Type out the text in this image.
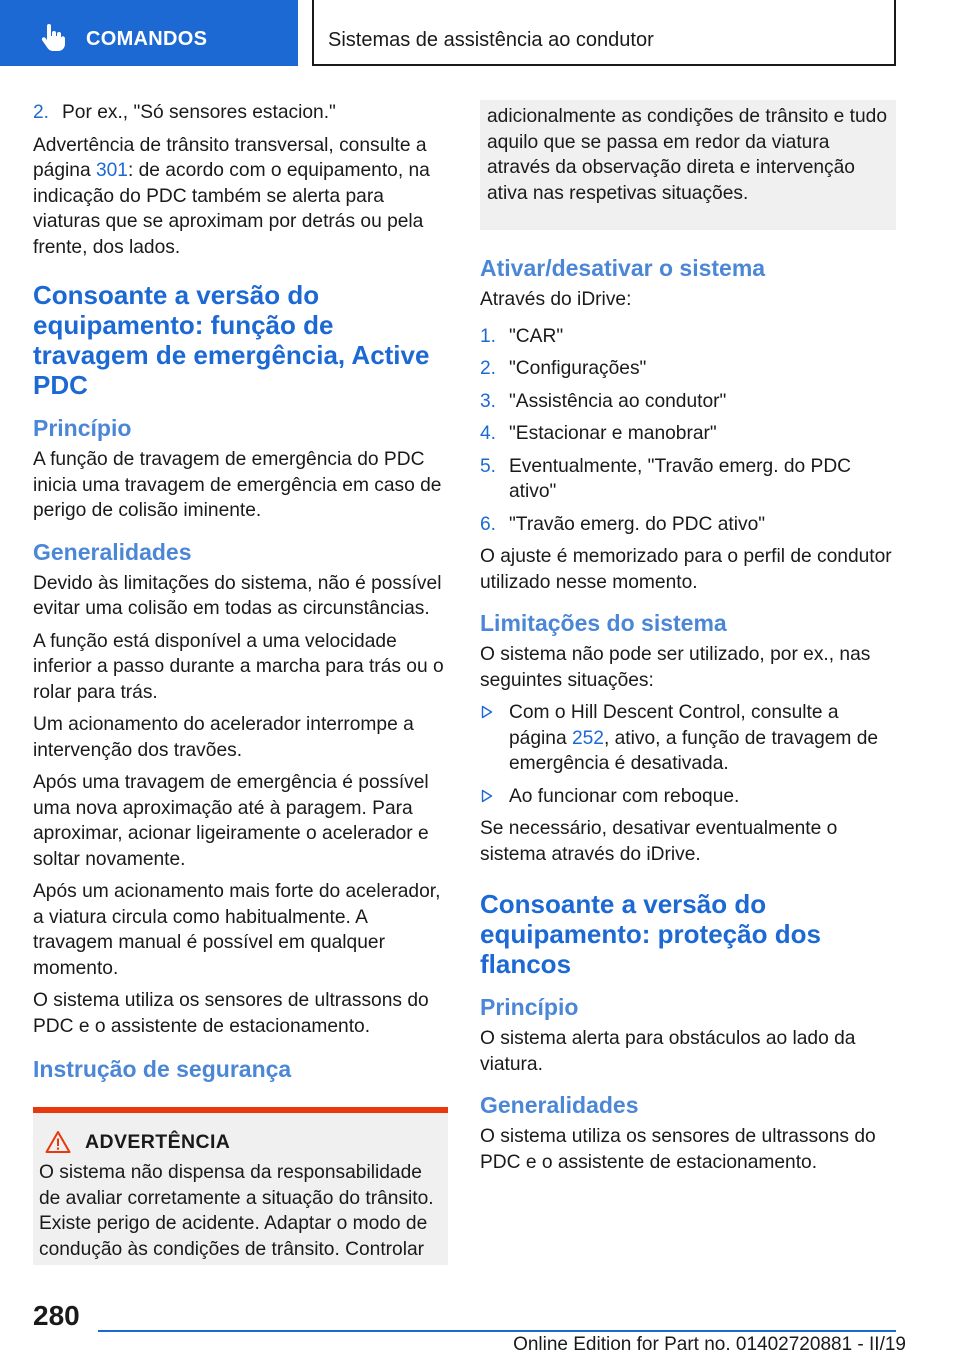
COMANDOS	Sistemas de assistência ao condutor
2. Por ex., "Só sensores estacion."

Advertência de trânsito transversal, consulte a página 301: de acordo com o equipamento, na indicação do PDC também se alerta para viaturas que se aproximam por detrás ou pela frente, dos lados.

Consoante a versão do equipamento: função de travagem de emergência, Active PDC
Princípio

A função de travagem de emergência do PDC inicia uma travagem de emergência em caso de perigo de colisão iminente.

Generalidades

Devido às limitações do sistema, não é possível evitar uma colisão em todas as circunstâncias.

A função está disponível a uma velocidade inferior a passo durante a marcha para trás ou o rolar para trás.

Um acionamento do acelerador interrompe a intervenção dos travões.

Após uma travagem de emergência é possível uma nova aproximação até à paragem. Para aproximar, acionar ligeiramente o acelerador e soltar novamente.

Após um acionamento mais forte do acelerador, a viatura circula como habitualmente. A travagem manual é possível em qualquer momento.

O sistema utiliza os sensores de ultrassons do PDC e o assistente de estacionamento.

Instrução de segurança
ADVERTÊNCIA

O sistema não dispensa da responsabilidade de avaliar corretamente a situação do trânsito. Existe perigo de acidente. Adaptar o modo de condução às condições de trânsito. Controlar

adicionalmente as condições de trânsito e tudo aquilo que se passa em redor da viatura através da observação direta e intervenção ativa nas respetivas situações.

Ativar/desativar o sistema

Através do iDrive:

1. "CAR"
2. "Configurações"
3. "Assistência ao condutor"
4. "Estacionar e manobrar"
5. Eventualmente, "Travão emerg. do PDC ativo"
6. "Travão emerg. do PDC ativo"

O ajuste é memorizado para o perfil de condutor utilizado nesse momento.

Limitações do sistema

O sistema não pode ser utilizado, por ex., nas seguintes situações:

Com o Hill Descent Control, consulte a página 252, ativo, a função de travagem de emergência é desativada.
Ao funcionar com reboque.

Se necessário, desativar eventualmente o sistema através do iDrive.

Consoante a versão do equipamento: proteção dos flancos
Princípio

O sistema alerta para obstáculos ao lado da viatura.

Generalidades

O sistema utiliza os sensores de ultrassons do PDC e o assistente de estacionamento.

280
Online Edition for Part no. 01402720881 - II/19
